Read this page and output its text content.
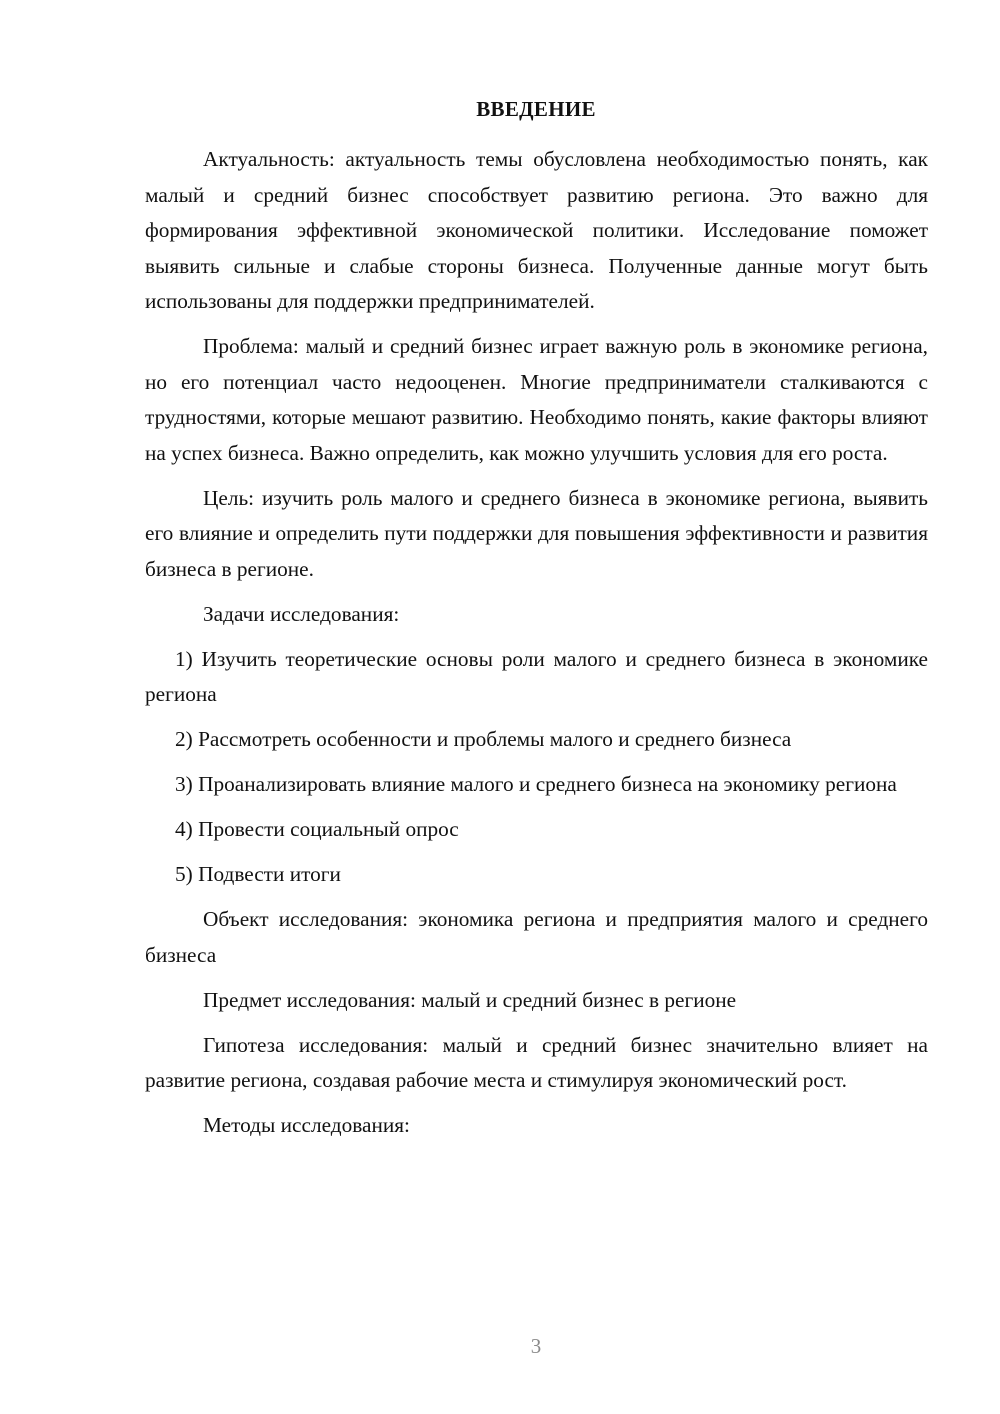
ВВЕДЕНИЕ

Актуальность: актуальность темы обусловлена необходимостью понять, как малый и средний бизнес способствует развитию региона. Это важно для формирования эффективной экономической политики. Исследование поможет выявить сильные и слабые стороны бизнеса. Полученные данные могут быть использованы для поддержки предпринимателей.

Проблема: малый и средний бизнес играет важную роль в экономике региона, но его потенциал часто недооценен. Многие предприниматели сталкиваются с трудностями, которые мешают развитию. Необходимо понять, какие факторы влияют на успех бизнеса. Важно определить, как можно улучшить условия для его роста.

Цель: изучить роль малого и среднего бизнеса в экономике региона, выявить его влияние и определить пути поддержки для повышения эффективности и развития бизнеса в регионе.

Задачи исследования:

1) Изучить теоретические основы роли малого и среднего бизнеса в экономике региона

2) Рассмотреть особенности и проблемы малого и среднего бизнеса

3) Проанализировать влияние малого и среднего бизнеса на экономику региона

4) Провести социальный опрос

5) Подвести итоги

Объект исследования: экономика региона и предприятия малого и среднего бизнеса

Предмет исследования: малый и средний бизнес в регионе

Гипотеза исследования: малый и средний бизнес значительно влияет на развитие региона, создавая рабочие места и стимулируя экономический рост.

Методы исследования:

3
